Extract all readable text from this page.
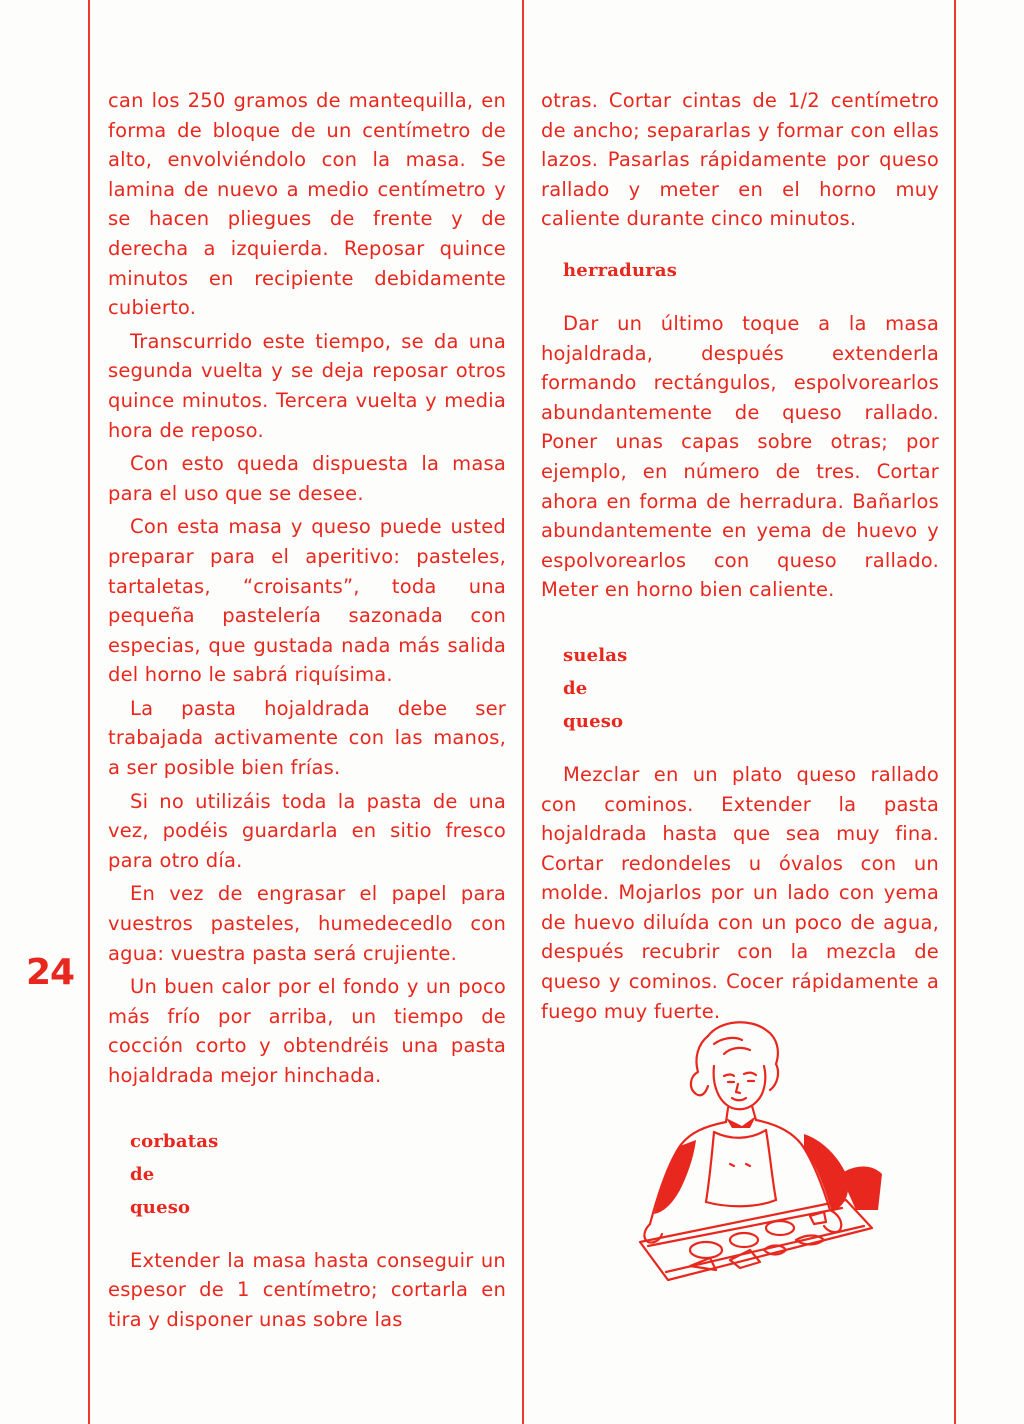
24

can los 250 gramos de mantequilla, en forma de bloque de un centímetro de alto, envolviéndolo con la masa. Se lamina de nuevo a medio centímetro y se hacen pliegues de frente y de derecha a izquierda. Reposar quince minutos en recipiente debidamente cubierto.

Transcurrido este tiempo, se da una segunda vuelta y se deja reposar otros quince minutos. Tercera vuelta y media hora de reposo.

Con esto queda dispuesta la masa para el uso que se desee.

Con esta masa y queso puede usted preparar para el aperitivo: pasteles, tartaletas, “croisants”, toda una pequeña pastelería sazonada con especias, que gustada nada más salida del horno le sabrá riquísima.

La pasta hojaldrada debe ser trabajada activamente con las manos, a ser posible bien frías.

Si no utilizáis toda la pasta de una vez, podéis guardarla en sitio fresco para otro día.

En vez de engrasar el papel para vuestros pasteles, humedecedlo con agua: vuestra pasta será crujiente.

Un buen calor por el fondo y un poco más frío por arriba, un tiempo de cocción corto y obtendréis una pasta hojaldrada mejor hinchada.

corbatas

de

queso

Extender la masa hasta conseguir un espesor de 1 centímetro; cortarla en tira y disponer unas sobre las

otras. Cortar cintas de 1/2 centímetro de ancho; separarlas y formar con ellas lazos. Pasarlas rápidamente por queso rallado y meter en el horno muy caliente durante cinco minutos.

herraduras

Dar un último toque a la masa hojaldrada, después extenderla formando rectángulos, espolvorearlos abundantemente de queso rallado. Poner unas capas sobre otras; por ejemplo, en número de tres. Cortar ahora en forma de herradura. Bañarlos abundantemente en yema de huevo y espolvorearlos con queso rallado. Meter en horno bien caliente.

suelas

de

queso

Mezclar en un plato queso rallado con cominos. Extender la pasta hojaldrada hasta que sea muy fina. Cortar redondeles u óvalos con un molde. Mojarlos por un lado con yema de huevo diluída con un poco de agua, después recubrir con la mezcla de queso y cominos. Cocer rápidamente a fuego muy fuerte.
